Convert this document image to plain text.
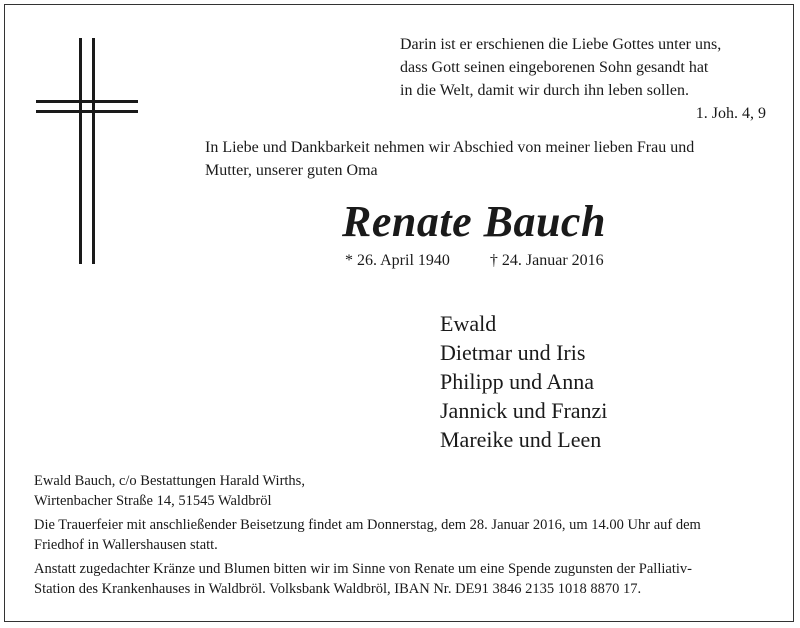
Darin ist er erschienen die Liebe Gottes unter uns,
dass Gott seinen eingeborenen Sohn gesandt hat
in die Welt, damit wir durch ihn leben sollen.
1. Joh. 4, 9
In Liebe und Dankbarkeit nehmen wir Abschied von meiner lieben Frau und
Mutter, unserer guten Oma
Renate Bauch
* 26. April 1940	† 24. Januar 2016
Ewald
Dietmar und Iris
Philipp und Anna
Jannick und Franzi
Mareike und Leen

Ewald Bauch, c/o Bestattungen Harald Wirths,
Wirtenbacher Straße 14, 51545 Waldbröl

Die Trauerfeier mit anschließender Beisetzung findet am Donnerstag, dem 28. Januar 2016, um 14.00 Uhr auf dem
Friedhof in Wallershausen statt.

Anstatt zugedachter Kränze und Blumen bitten wir im Sinne von Renate um eine Spende zugunsten der Palliativ-
Station des Krankenhauses in Waldbröl. Volksbank Waldbröl, IBAN Nr. DE91 3846 2135 1018 8870 17.
